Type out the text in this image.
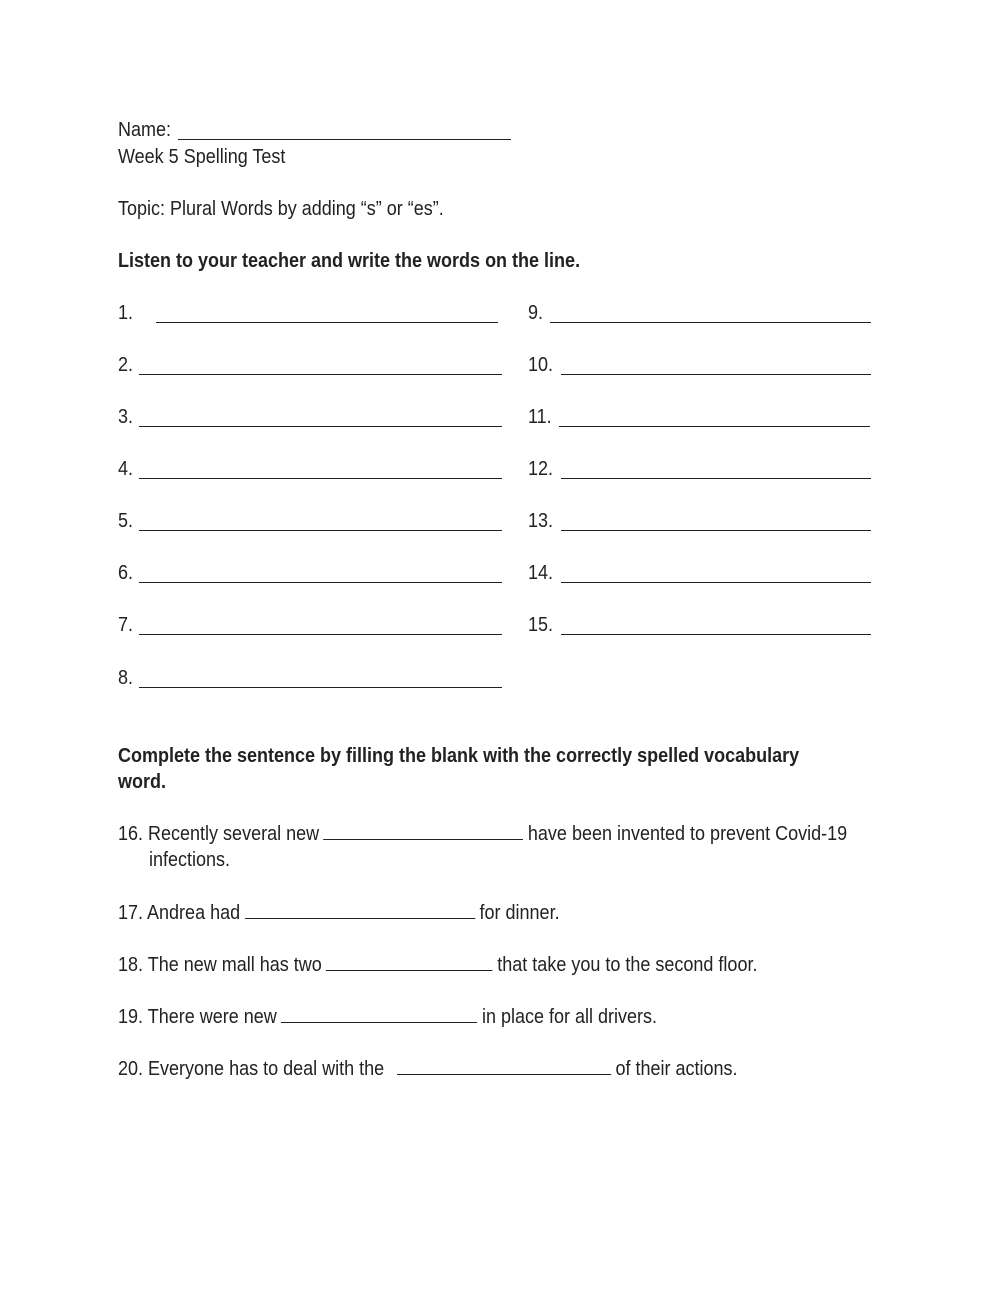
Name:
Week 5 Spelling Test
Topic: Plural Words by adding “s” or “es”.
Listen to your teacher and write the words on the line.
1.
2.
3.
4.
5.
6.
7.
8.
9.
10.
11.
12.
13.
14.
15.
Complete the sentence by filling the blank with the correctly spelled vocabulary
word.
16. Recently several new	have been invented to prevent Covid-19
infections.
17. Andrea had	for dinner.
18. The new mall has two	that take you to the second floor.
19. There were new	in place for all drivers.
20. Everyone has to deal with the	of their actions.
